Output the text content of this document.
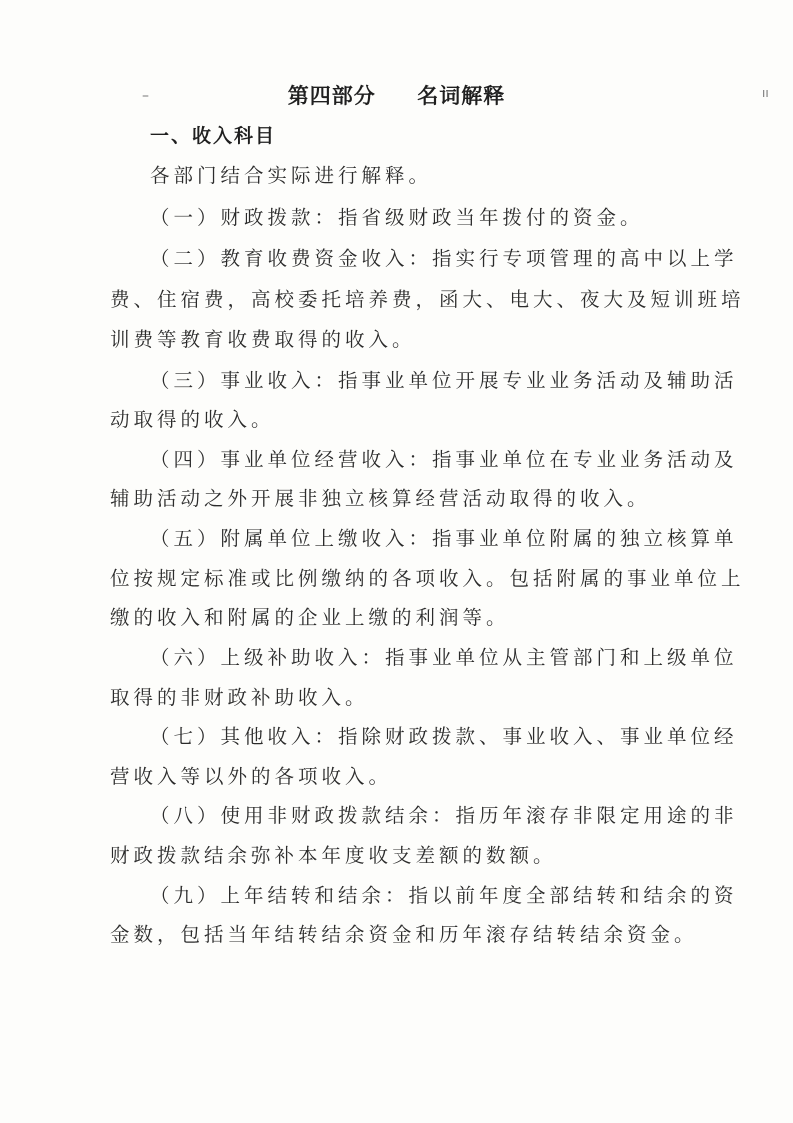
–	ıı
第四部分     名词解释
一、收入科目
各部门结合实际进行解释。
（一）财政拨款：指省级财政当年拨付的资金。
（二）教育收费资金收入：指实行专项管理的高中以上学
费、住宿费，高校委托培养费，函大、电大、夜大及短训班培
训费等教育收费取得的收入。
（三）事业收入：指事业单位开展专业业务活动及辅助活
动取得的收入。
（四）事业单位经营收入：指事业单位在专业业务活动及
辅助活动之外开展非独立核算经营活动取得的收入。
（五）附属单位上缴收入：指事业单位附属的独立核算单
位按规定标准或比例缴纳的各项收入。包括附属的事业单位上
缴的收入和附属的企业上缴的利润等。
（六）上级补助收入：指事业单位从主管部门和上级单位
取得的非财政补助收入。
（七）其他收入：指除财政拨款、事业收入、事业单位经
营收入等以外的各项收入。
（八）使用非财政拨款结余：指历年滚存非限定用途的非
财政拨款结余弥补本年度收支差额的数额。
（九）上年结转和结余：指以前年度全部结转和结余的资
金数，包括当年结转结余资金和历年滚存结转结余资金。
